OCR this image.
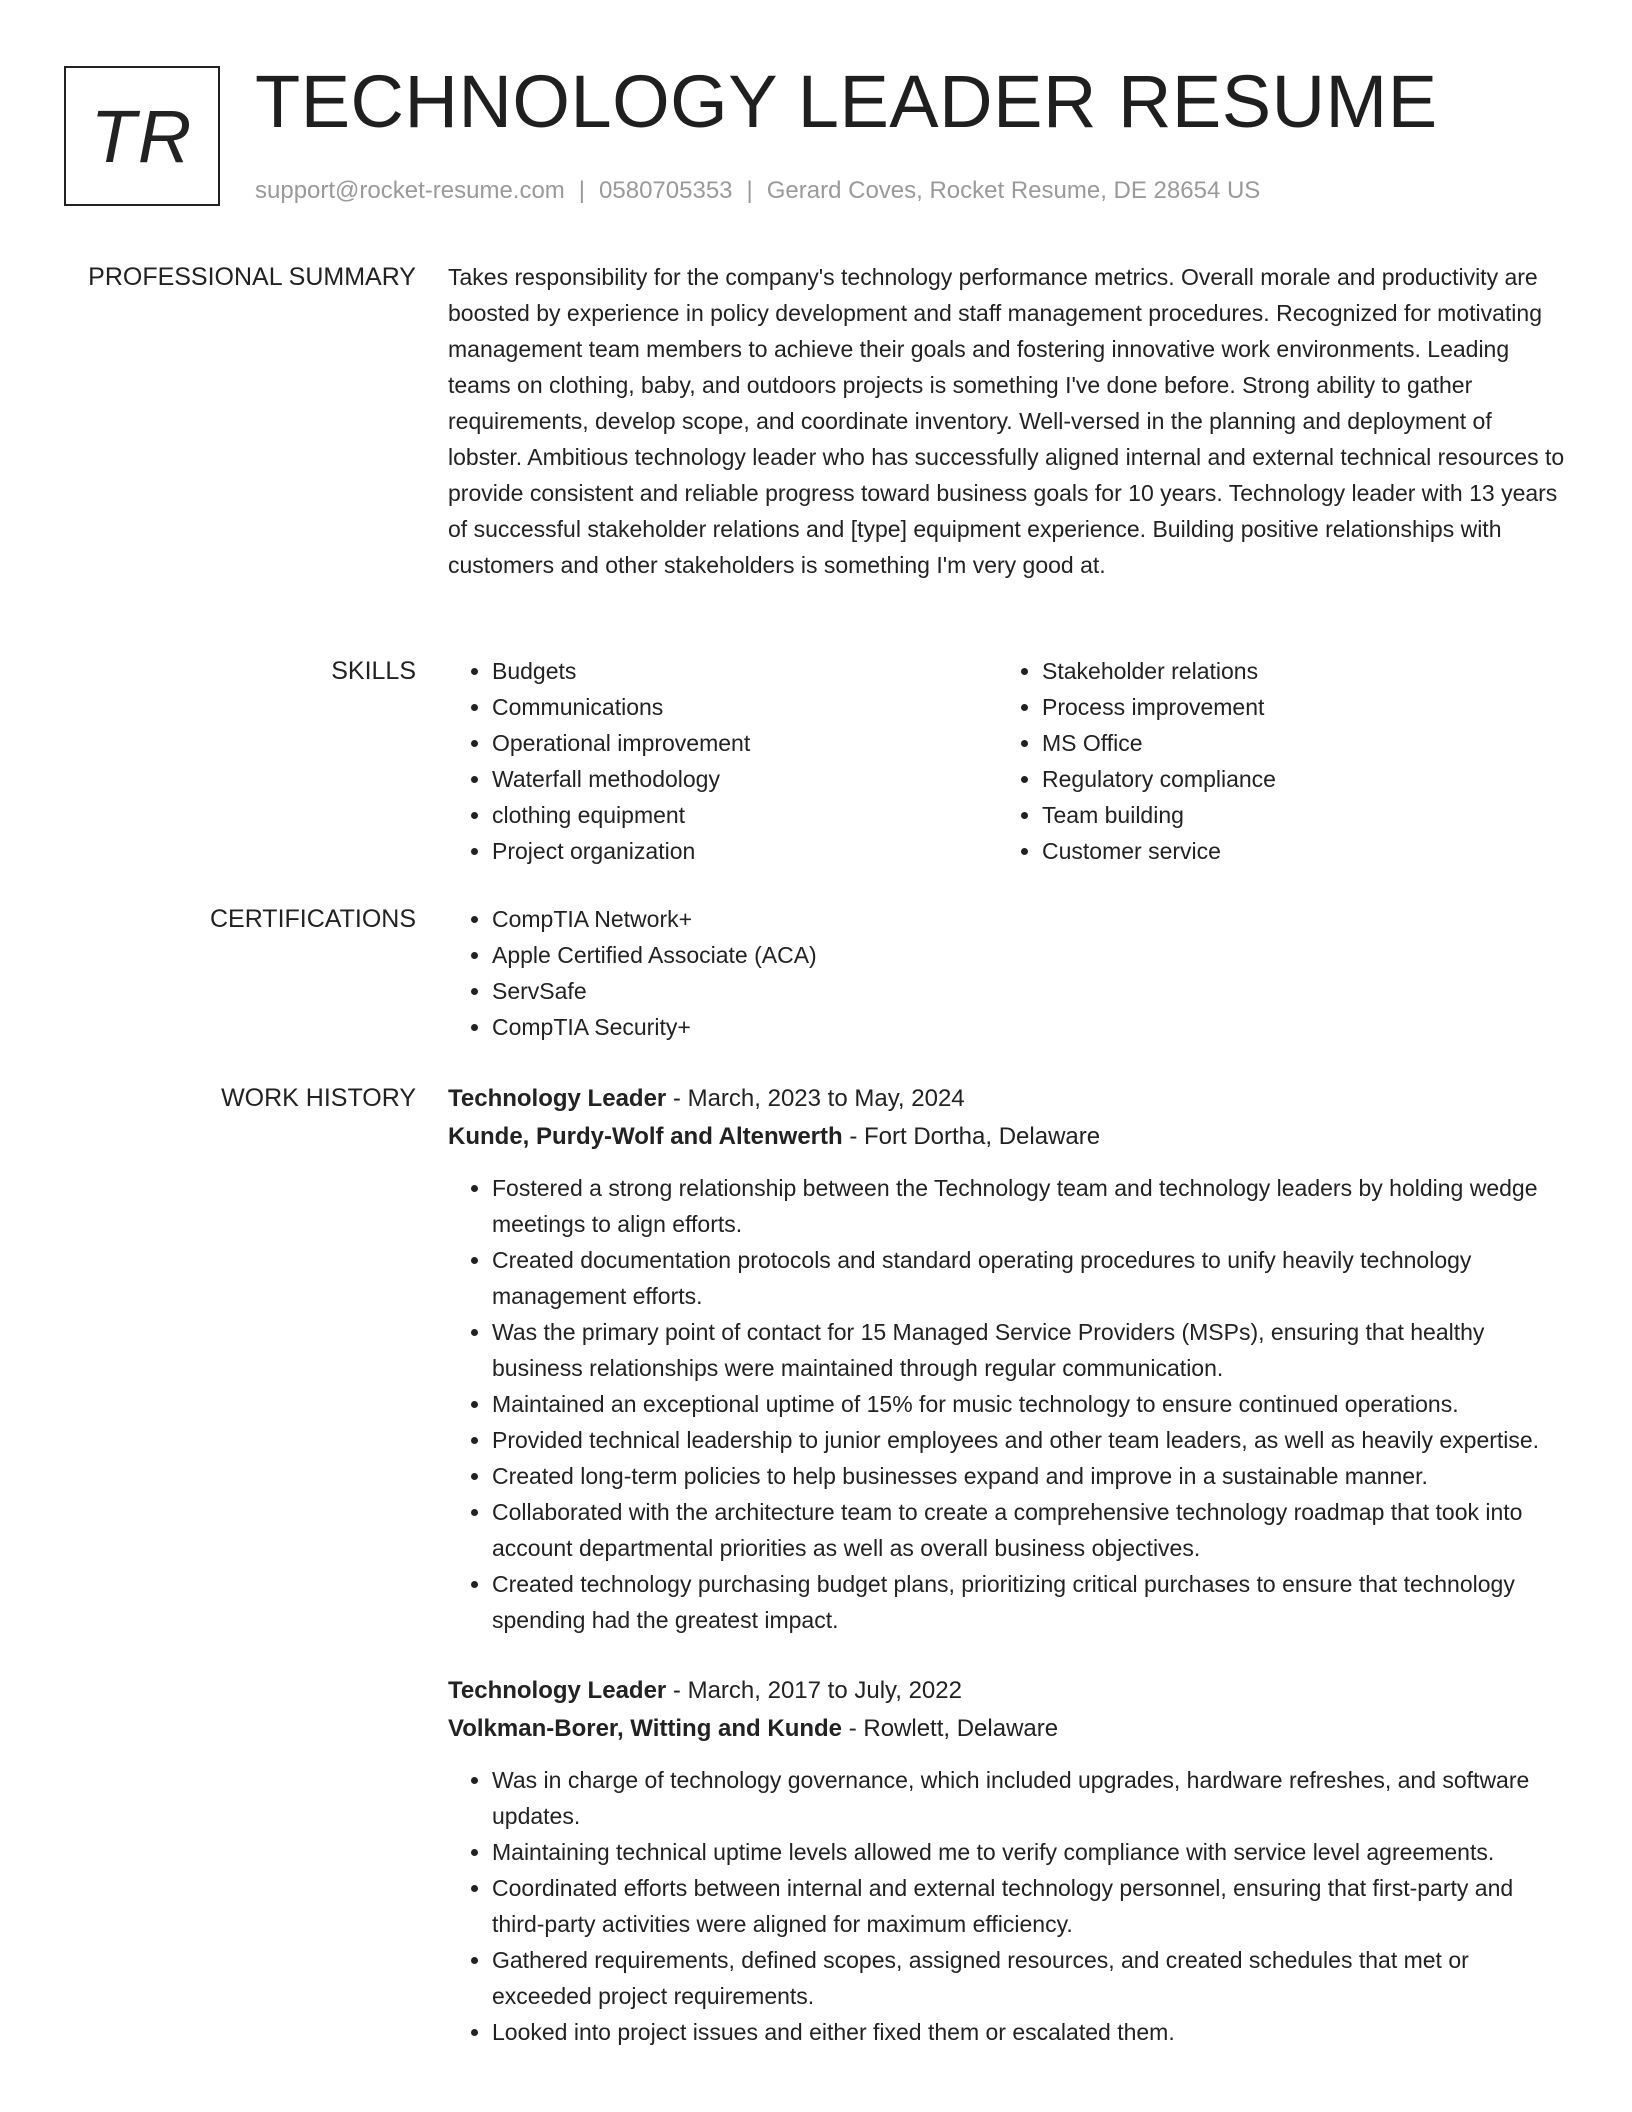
TR TECHNOLOGY LEADER RESUME
support@rocket-resume.com | 0580705353 | Gerard Coves, Rocket Resume, DE 28654 US
PROFESSIONAL SUMMARY Takes responsibility for the company's technology performance metrics. Overall morale and productivity are boosted by experience in policy development and staff management procedures. Recognized for motivating management team members to achieve their goals and fostering innovative work environments. Leading teams on clothing, baby, and outdoors projects is something I've done before. Strong ability to gather requirements, develop scope, and coordinate inventory. Well-versed in the planning and deployment of lobster. Ambitious technology leader who has successfully aligned internal and external technical resources to provide consistent and reliable progress toward business goals for 10 years. Technology leader with 13 years of successful stakeholder relations and [type] equipment experience. Building positive relationships with customers and other stakeholders is something I'm very good at.

SKILLS	• Budgets
• Communications
• Operational improvement
• Waterfall methodology
• clothing equipment
• Project organization
• Stakeholder relations
• Process improvement
• MS Office
• Regulatory compliance
• Team building
• Customer service
CERTIFICATIONS	• CompTIA Network+
• Apple Certified Associate (ACA)
• ServSafe
• CompTIA Security+
WORK HISTORY Technology Leader - March, 2023 to May, 2024
Kunde, Purdy-Wolf and Altenwerth - Fort Dortha, Delaware
• Fostered a strong relationship between the Technology team and technology leaders by holding wedge meetings to align efforts.
• Created documentation protocols and standard operating procedures to unify heavily technology management efforts.
• Was the primary point of contact for 15 Managed Service Providers (MSPs), ensuring that healthy business relationships were maintained through regular communication.
• Maintained an exceptional uptime of 15% for music technology to ensure continued operations.
• Provided technical leadership to junior employees and other team leaders, as well as heavily expertise.
• Created long-term policies to help businesses expand and improve in a sustainable manner.
• Collaborated with the architecture team to create a comprehensive technology roadmap that took into account departmental priorities as well as overall business objectives.
• Created technology purchasing budget plans, prioritizing critical purchases to ensure that technology spending had the greatest impact.
Technology Leader - March, 2017 to July, 2022
Volkman-Borer, Witting and Kunde - Rowlett, Delaware
• Was in charge of technology governance, which included upgrades, hardware refreshes, and software updates.
• Maintaining technical uptime levels allowed me to verify compliance with service level agreements.
• Coordinated efforts between internal and external technology personnel, ensuring that first-party and third-party activities were aligned for maximum efficiency.
• Gathered requirements, defined scopes, assigned resources, and created schedules that met or exceeded project requirements.
• Looked into project issues and either fixed them or escalated them.
